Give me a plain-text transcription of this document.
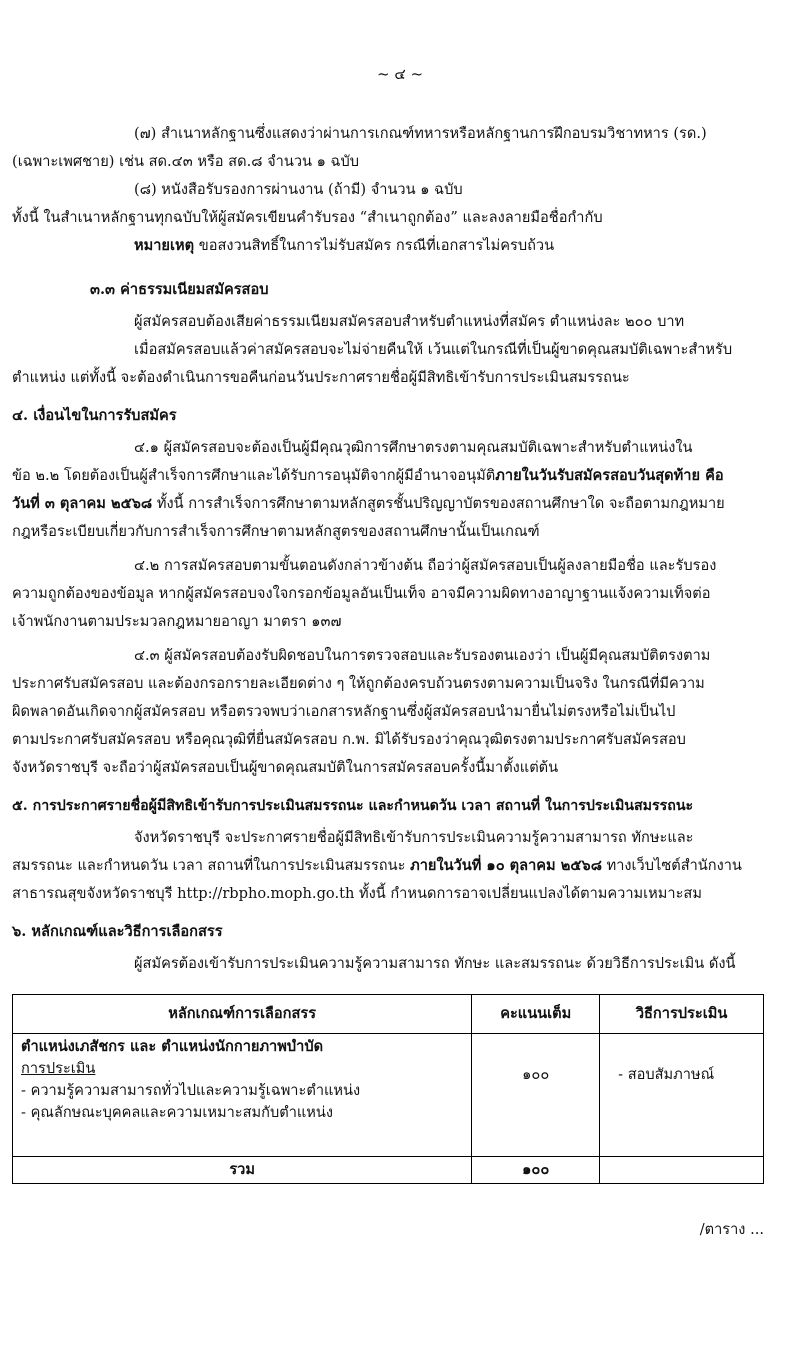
~ ๔ ~
(๗) สำเนาหลักฐานซึ่งแสดงว่าผ่านการเกณฑ์ทหารหรือหลักฐานการฝึกอบรมวิชาทหาร (รด.)
(เฉพาะเพศชาย) เช่น สด.๔๓ หรือ สด.๘ จำนวน ๑ ฉบับ
(๘) หนังสือรับรองการผ่านงาน (ถ้ามี) จำนวน ๑ ฉบับ
ทั้งนี้ ในสำเนาหลักฐานทุกฉบับให้ผู้สมัครเขียนคำรับรอง “สำเนาถูกต้อง” และลงลายมือชื่อกำกับ
หมายเหตุ ขอสงวนสิทธิ์ในการไม่รับสมัคร กรณีที่เอกสารไม่ครบถ้วน
๓.๓ ค่าธรรมเนียมสมัครสอบ
ผู้สมัครสอบต้องเสียค่าธรรมเนียมสมัครสอบสำหรับตำแหน่งที่สมัคร ตำแหน่งละ ๒๐๐ บาท
เมื่อสมัครสอบแล้วค่าสมัครสอบจะไม่จ่ายคืนให้ เว้นแต่ในกรณีที่เป็นผู้ขาดคุณสมบัติเฉพาะสำหรับ
ตำแหน่ง แต่ทั้งนี้ จะต้องดำเนินการขอคืนก่อนวันประกาศรายชื่อผู้มีสิทธิเข้ารับการประเมินสมรรถนะ
๔. เงื่อนไขในการรับสมัคร
๔.๑ ผู้สมัครสอบจะต้องเป็นผู้มีคุณวุฒิการศึกษาตรงตามคุณสมบัติเฉพาะสำหรับตำแหน่งใน
ข้อ ๒.๒ โดยต้องเป็นผู้สำเร็จการศึกษาและได้รับการอนุมัติจากผู้มีอำนาจอนุมัติภายในวันรับสมัครสอบวันสุดท้าย คือ
วันที่ ๓ ตุลาคม ๒๕๖๘ ทั้งนี้ การสำเร็จการศึกษาตามหลักสูตรชั้นปริญญาบัตรของสถานศึกษาใด จะถือตามกฎหมาย
กฎหรือระเบียบเกี่ยวกับการสำเร็จการศึกษาตามหลักสูตรของสถานศึกษานั้นเป็นเกณฑ์
๔.๒ การสมัครสอบตามขั้นตอนดังกล่าวข้างต้น ถือว่าผู้สมัครสอบเป็นผู้ลงลายมือชื่อ และรับรอง
ความถูกต้องของข้อมูล หากผู้สมัครสอบจงใจกรอกข้อมูลอันเป็นเท็จ อาจมีความผิดทางอาญาฐานแจ้งความเท็จต่อ
เจ้าพนักงานตามประมวลกฎหมายอาญา มาตรา ๑๓๗
๔.๓ ผู้สมัครสอบต้องรับผิดชอบในการตรวจสอบและรับรองตนเองว่า เป็นผู้มีคุณสมบัติตรงตาม
ประกาศรับสมัครสอบ และต้องกรอกรายละเอียดต่าง ๆ ให้ถูกต้องครบถ้วนตรงตามความเป็นจริง ในกรณีที่มีความ
ผิดพลาดอันเกิดจากผู้สมัครสอบ หรือตรวจพบว่าเอกสารหลักฐานซึ่งผู้สมัครสอบนำมายื่นไม่ตรงหรือไม่เป็นไป
ตามประกาศรับสมัครสอบ หรือคุณวุฒิที่ยื่นสมัครสอบ ก.พ. มิได้รับรองว่าคุณวุฒิตรงตามประกาศรับสมัครสอบ
จังหวัดราชบุรี จะถือว่าผู้สมัครสอบเป็นผู้ขาดคุณสมบัติในการสมัครสอบครั้งนี้มาตั้งแต่ต้น
๕. การประกาศรายชื่อผู้มีสิทธิเข้ารับการประเมินสมรรถนะ และกำหนดวัน เวลา สถานที่ ในการประเมินสมรรถนะ
จังหวัดราชบุรี จะประกาศรายชื่อผู้มีสิทธิเข้ารับการประเมินความรู้ความสามารถ ทักษะและ
สมรรถนะ และกำหนดวัน เวลา สถานที่ในการประเมินสมรรถนะ ภายในวันที่ ๑๐ ตุลาคม ๒๕๖๘ ทางเว็บไซต์สำนักงาน
สาธารณสุขจังหวัดราชบุรี http://rbpho.moph.go.th ทั้งนี้ กำหนดการอาจเปลี่ยนแปลงได้ตามความเหมาะสม
๖. หลักเกณฑ์และวิธีการเลือกสรร
ผู้สมัครต้องเข้ารับการประเมินความรู้ความสามารถ ทักษะ และสมรรถนะ ด้วยวิธีการประเมิน ดังนี้
หลักเกณฑ์การเลือกสรร	คะแนนเต็ม	วิธีการประเมิน

ตำแหน่งเภสัชกร และ ตำแหน่งนักกายภาพบำบัด
การประเมิน
- ความรู้ความสามารถทั่วไปและความรู้เฉพาะตำแหน่ง
- คุณลักษณะบุคคลและความเหมาะสมกับตำแหน่ง	๑๐๐	- สอบสัมภาษณ์
รวม	๑๐๐	
/ตาราง ...
